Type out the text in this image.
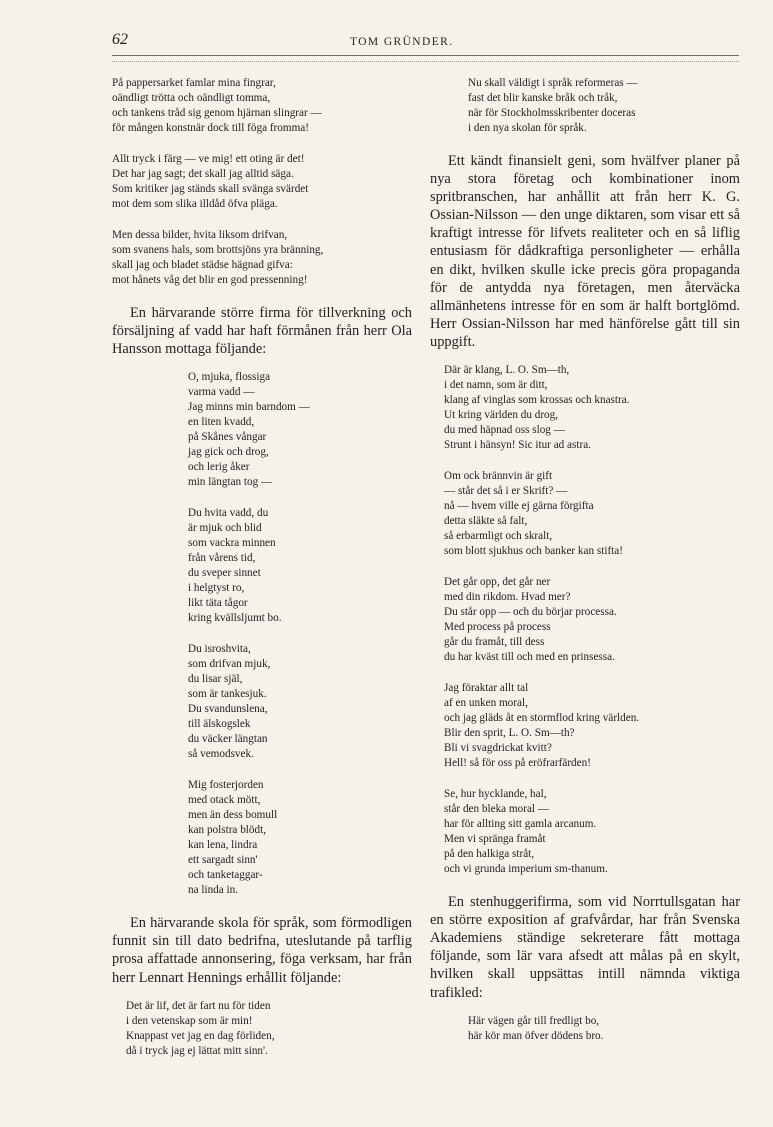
62	TOM GRÜNDER.
På pappersarket famlar mina fingrar,
oändligt trötta och oändligt tomma,
och tankens tråd sig genom hjärnan slingrar —
för mången konstnär dock till föga fromma!
Allt tryck i färg — ve mig! ett oting är det!
Det har jag sagt; det skall jag alltid säga.
Som kritiker jag ständs skall svänga svärdet
mot dem som slika illdåd öfva pläga.
Men dessa bilder, hvita liksom drifvan,
som svanens hals, som brottsjöns yra bränning,
skall jag och bladet städse hägnad gifva:
mot hånets våg det blir en god pressenning!

En härvarande större firma för tillverkning och försäljning af vadd har haft förmånen från herr Ola Hansson mottaga följande:

O, mjuka, flossiga
varma vadd —
Jag minns min barndom —
en liten kvadd,
på Skånes vångar
jag gick och drog,
och lerig åker
min längtan tog —
Du hvita vadd, du
är mjuk och blid
som vackra minnen
från vårens tid,
du sveper sinnet
i helgtyst ro,
likt täta tågor
kring kvällsljumt bo.
Du isroshvita,
som drifvan mjuk,
du lisar själ,
som är tankesjuk.
Du svandunslena,
till älskogslek
du väcker längtan
så vemodsvek.
Mig fosterjorden
med otack mött,
men än dess bomull
kan polstra blödt,
kan lena, lindra
ett sargadt sinn'
och tanketaggar-
na linda in.

En härvarande skola för språk, som förmodligen funnit sin till dato bedrifna, uteslutande på tarflig prosa affattade annonsering, föga verksam, har från herr Lennart Hennings erhållit följande:

Det är lif, det är fart nu för tiden
i den vetenskap som är min!
Knappast vet jag en dag förliden,
då i tryck jag ej lättat mitt sinn'.
Nu skall väldigt i språk reformeras —
fast det blir kanske bråk och tråk,
när för Stockholmsskribenter doceras
i den nya skolan för språk.

Ett kändt finansielt geni, som hvälfver planer på nya stora företag och kombinationer inom spritbranschen, har anhållit att från herr K. G. Ossian-Nilsson — den unge diktaren, som visar ett så kraftigt intresse för lifvets realiteter och en så liflig entusiasm för dådkraftiga personligheter — erhålla en dikt, hvilken skulle icke precis göra propaganda för de antydda nya företagen, men återväcka allmänhetens intresse för en som är halft bortglömd. Herr Ossian-Nilsson har med hänförelse gått till sin uppgift.

Där är klang, L. O. Sm—th,
i det namn, som är ditt,
klang af vinglas som krossas och knastra.
Ut kring världen du drog,
du med häpnad oss slog —
Strunt i hänsyn! Sic itur ad astra.
Om ock brännvin är gift
— står det så i er Skrift? —
nå — hvem ville ej gärna förgifta
detta släkte så falt,
så erbarmligt och skralt,
som blott sjukhus och banker kan stifta!
Det går opp, det går ner
med din rikdom. Hvad mer?
Du står opp — och du börjar processa.
Med process på process
går du framåt, till dess
du har kväst till och med en prinsessa.
Jag föraktar allt tal
af en unken moral,
och jag gläds åt en stormflod kring världen.
Blir den sprit, L. O. Sm—th?
Bli vi svagdrickat kvitt?
Hell! så för oss på eröfrarfärden!
Se, hur hycklande, hal,
står den bleka moral —
har för allting sitt gamla arcanum.
Men vi spränga framåt
på den halkiga stråt,
och vi grunda imperium sm-thanum.

En stenhuggerifirma, som vid Norrtullsgatan har en större exposition af grafvårdar, har från Svenska Akademiens ständige sekreterare fått mottaga följande, som lär vara afsedt att målas på en skylt, hvilken skall uppsättas intill nämnda viktiga trafikled:

Här vägen går till fredligt bo,
här kör man öfver dödens bro.
